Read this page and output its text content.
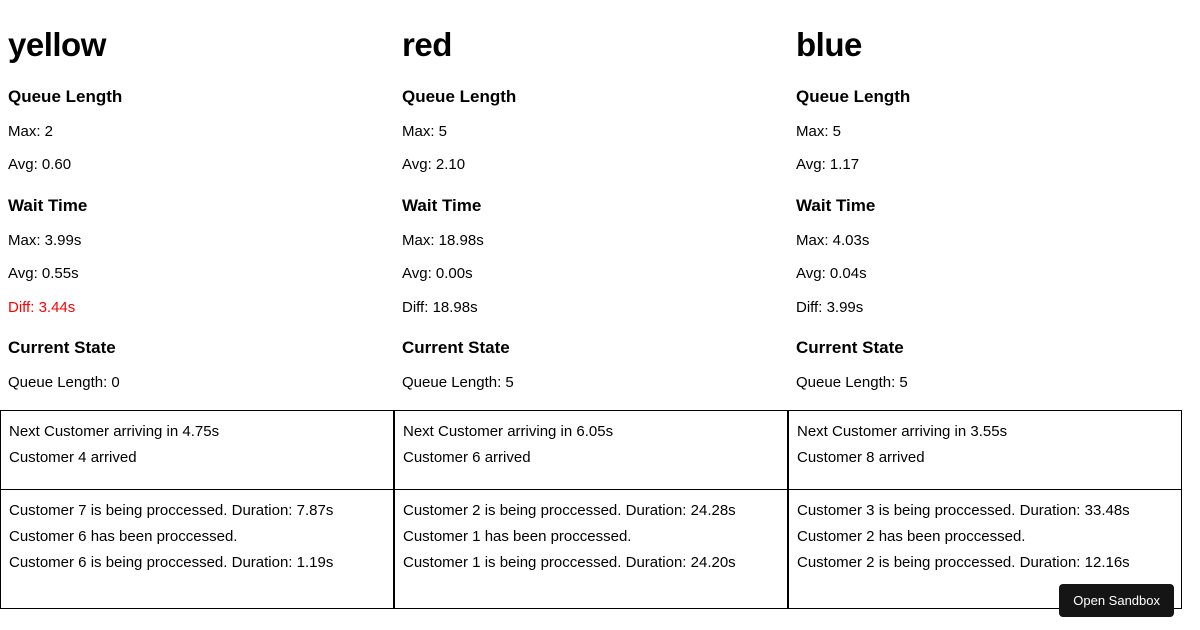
yellow
Queue Length

Max: 2

Avg: 0.60

Wait Time

Max: 3.99s

Avg: 0.55s

Diff: 3.44s

Current State

Queue Length: 0

Next Customer arriving in 4.75s

Customer 4 arrived

Customer 7 is being proccessed. Duration: 7.87s

Customer 6 has been proccessed.

Customer 6 is being proccessed. Duration: 1.19s

red
Queue Length

Max: 5

Avg: 2.10

Wait Time

Max: 18.98s

Avg: 0.00s

Diff: 18.98s

Current State

Queue Length: 5

Next Customer arriving in 6.05s

Customer 6 arrived

Customer 2 is being proccessed. Duration: 24.28s

Customer 1 has been proccessed.

Customer 1 is being proccessed. Duration: 24.20s

blue
Queue Length

Max: 5

Avg: 1.17

Wait Time

Max: 4.03s

Avg: 0.04s

Diff: 3.99s

Current State

Queue Length: 5

Next Customer arriving in 3.55s

Customer 8 arrived

Customer 3 is being proccessed. Duration: 33.48s

Customer 2 has been proccessed.

Customer 2 is being proccessed. Duration: 12.16s

Open Sandbox
